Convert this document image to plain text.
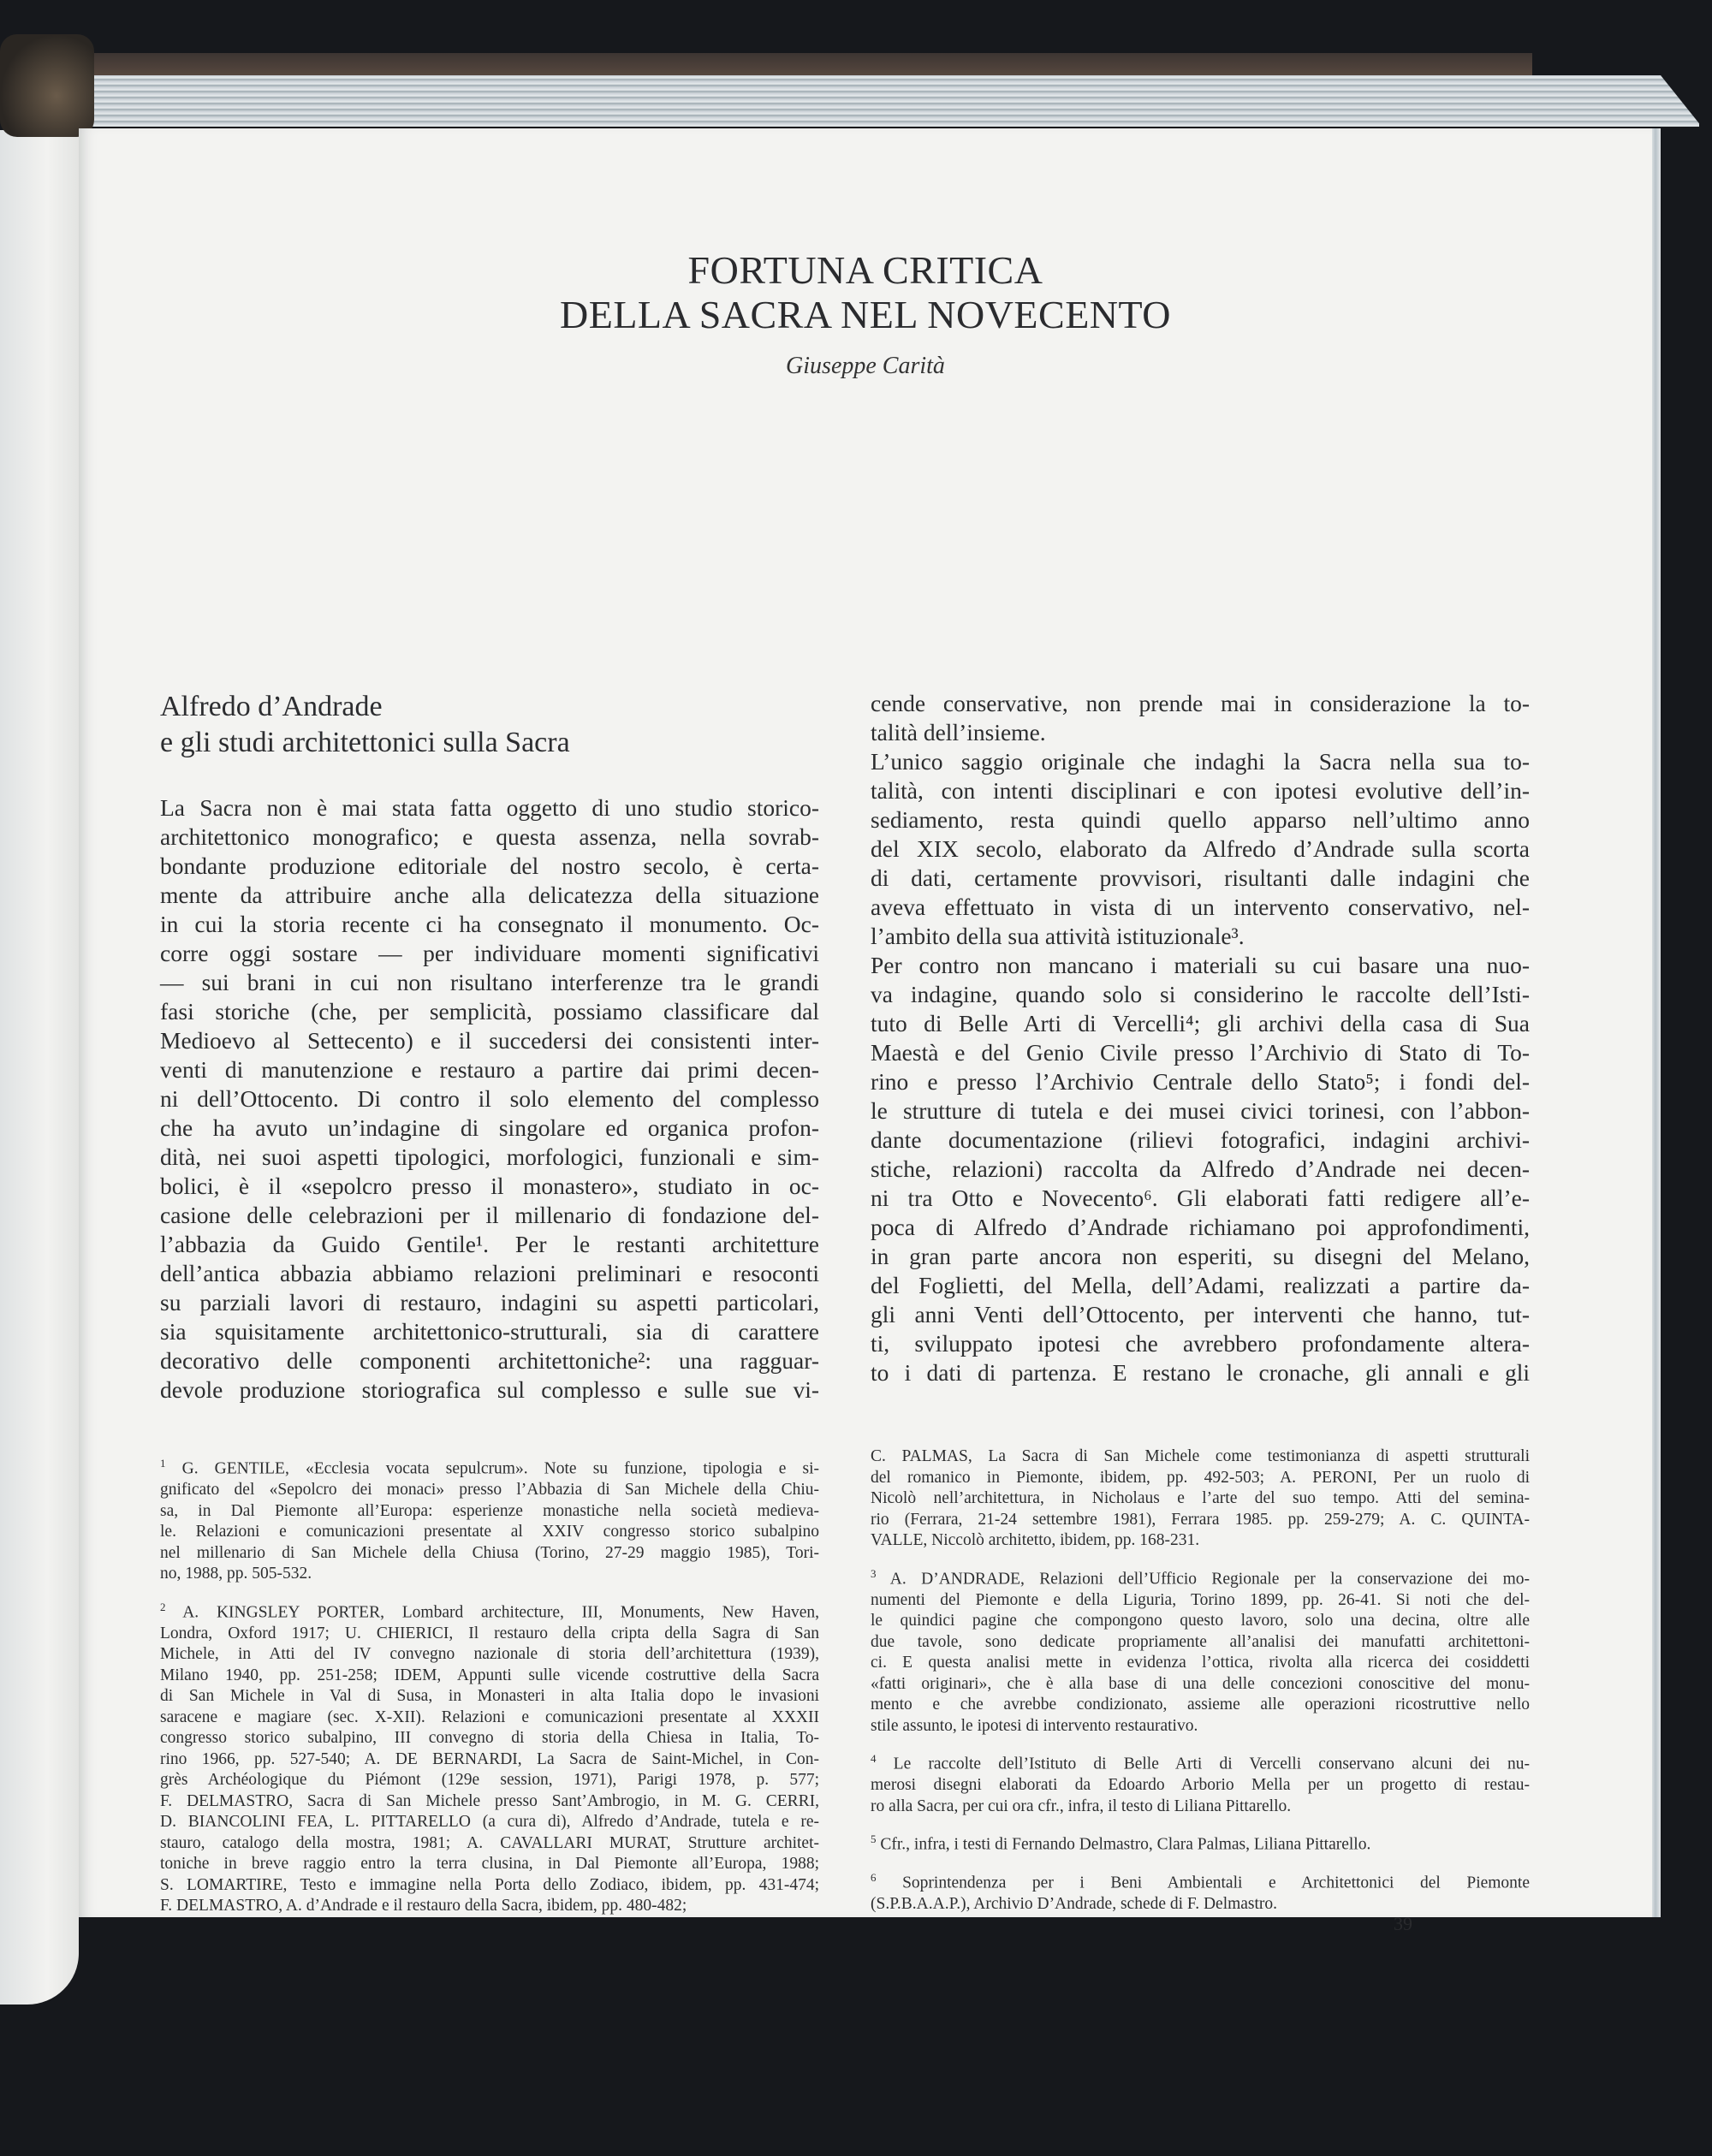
FORTUNA CRITICA
DELLA SACRA NEL NOVECENTO
Giuseppe Carità
Alfredo d’Andrade
e gli studi architettonici sulla Sacra
La Sacra non è mai stata fatta oggetto di uno studio storico-
architettonico monografico; e questa assenza, nella sovrab-
bondante produzione editoriale del nostro secolo, è certa-
mente da attribuire anche alla delicatezza della situazione
in cui la storia recente ci ha consegnato il monumento. Oc-
corre oggi sostare — per individuare momenti significativi
— sui brani in cui non risultano interferenze tra le grandi
fasi storiche (che, per semplicità, possiamo classificare dal
Medioevo al Settecento) e il succedersi dei consistenti inter-
venti di manutenzione e restauro a partire dai primi decen-
ni dell’Ottocento. Di contro il solo elemento del complesso
che ha avuto un’indagine di singolare ed organica profon-
dità, nei suoi aspetti tipologici, morfologici, funzionali e sim-
bolici, è il «sepolcro presso il monastero», studiato in oc-
casione delle celebrazioni per il millenario di fondazione del-
l’abbazia da Guido Gentile¹. Per le restanti architetture
dell’antica abbazia abbiamo relazioni preliminari e resoconti
su parziali lavori di restauro, indagini su aspetti particolari,
sia squisitamente architettonico-strutturali, sia di carattere
decorativo delle componenti architettoniche²: una ragguar-
devole produzione storiografica sul complesso e sulle sue vi-
cende conservative, non prende mai in considerazione la to-
talità dell’insieme.
L’unico saggio originale che indaghi la Sacra nella sua to-
talità, con intenti disciplinari e con ipotesi evolutive dell’in-
sediamento, resta quindi quello apparso nell’ultimo anno
del XIX secolo, elaborato da Alfredo d’Andrade sulla scorta
di dati, certamente provvisori, risultanti dalle indagini che
aveva effettuato in vista di un intervento conservativo, nel-
l’ambito della sua attività istituzionale³.
Per contro non mancano i materiali su cui basare una nuo-
va indagine, quando solo si considerino le raccolte dell’Isti-
tuto di Belle Arti di Vercelli⁴; gli archivi della casa di Sua
Maestà e del Genio Civile presso l’Archivio di Stato di To-
rino e presso l’Archivio Centrale dello Stato⁵; i fondi del-
le strutture di tutela e dei musei civici torinesi, con l’abbon-
dante documentazione (rilievi fotografici, indagini archivi-
stiche, relazioni) raccolta da Alfredo d’Andrade nei decen-
ni tra Otto e Novecento⁶. Gli elaborati fatti redigere all’e-
poca di Alfredo d’Andrade richiamano poi approfondimenti,
in gran parte ancora non esperiti, su disegni del Melano,
del Foglietti, del Mella, dell’Adami, realizzati a partire da-
gli anni Venti dell’Ottocento, per interventi che hanno, tut-
ti, sviluppato ipotesi che avrebbero profondamente altera-
to i dati di partenza. E restano le cronache, gli annali e gli
$^1$ G. GENTILE, «Ecclesia vocata sepulcrum». Note su funzione, tipologia e si-
gnificato del «Sepolcro dei monaci» presso l’Abbazia di San Michele della Chiu-
sa, in Dal Piemonte all’Europa: esperienze monastiche nella società medieva-
le. Relazioni e comunicazioni presentate al XXIV congresso storico subalpino
nel millenario di San Michele della Chiusa (Torino, 27-29 maggio 1985), Tori-
no, 1988, pp. 505-532.
$^2$ A. KINGSLEY PORTER, Lombard architecture, III, Monuments, New Haven,
Londra, Oxford 1917; U. CHIERICI, Il restauro della cripta della Sagra di San
Michele, in Atti del IV convegno nazionale di storia dell’architettura (1939),
Milano 1940, pp. 251-258; IDEM, Appunti sulle vicende costruttive della Sacra
di San Michele in Val di Susa, in Monasteri in alta Italia dopo le invasioni
saracene e magiare (sec. X-XII). Relazioni e comunicazioni presentate al XXXII
congresso storico subalpino, III convegno di storia della Chiesa in Italia, To-
rino 1966, pp. 527-540; A. DE BERNARDI, La Sacra de Saint-Michel, in Con-
grès Archéologique du Piémont (129e session, 1971), Parigi 1978, p. 577;
F. DELMASTRO, Sacra di San Michele presso Sant’Ambrogio, in M. G. CERRI,
D. BIANCOLINI FEA, L. PITTARELLO (a cura di), Alfredo d’Andrade, tutela e re-
stauro, catalogo della mostra, 1981; A. CAVALLARI MURAT, Strutture architet-
toniche in breve raggio entro la terra clusina, in Dal Piemonte all’Europa, 1988;
S. LOMARTIRE, Testo e immagine nella Porta dello Zodiaco, ibidem, pp. 431-474;
F. DELMASTRO, A. d’Andrade e il restauro della Sacra, ibidem, pp. 480-482;
C. PALMAS, La Sacra di San Michele come testimonianza di aspetti strutturali
del romanico in Piemonte, ibidem, pp. 492-503; A. PERONI, Per un ruolo di
Nicolò nell’architettura, in Nicholaus e l’arte del suo tempo. Atti del semina-
rio (Ferrara, 21-24 settembre 1981), Ferrara 1985. pp. 259-279; A. C. QUINTA-
VALLE, Niccolò architetto, ibidem, pp. 168-231.
$^3$ A. D’ANDRADE, Relazioni dell’Ufficio Regionale per la conservazione dei mo-
numenti del Piemonte e della Liguria, Torino 1899, pp. 26-41. Si noti che del-
le quindici pagine che compongono questo lavoro, solo una decina, oltre alle
due tavole, sono dedicate propriamente all’analisi dei manufatti architettoni-
ci. E questa analisi mette in evidenza l’ottica, rivolta alla ricerca dei cosiddetti
«fatti originari», che è alla base di una delle concezioni conoscitive del monu-
mento e che avrebbe condizionato, assieme alle operazioni ricostruttive nello
stile assunto, le ipotesi di intervento restaurativo.
$^4$ Le raccolte dell’Istituto di Belle Arti di Vercelli conservano alcuni dei nu-
merosi disegni elaborati da Edoardo Arborio Mella per un progetto di restau-
ro alla Sacra, per cui ora cfr., infra, il testo di Liliana Pittarello.
$^5$ Cfr., infra, i testi di Fernando Delmastro, Clara Palmas, Liliana Pittarello.
$^6$ Soprintendenza per i Beni Ambientali e Architettonici del Piemonte
(S.P.B.A.A.P.), Archivio D’Andrade, schede di F. Delmastro.
39
